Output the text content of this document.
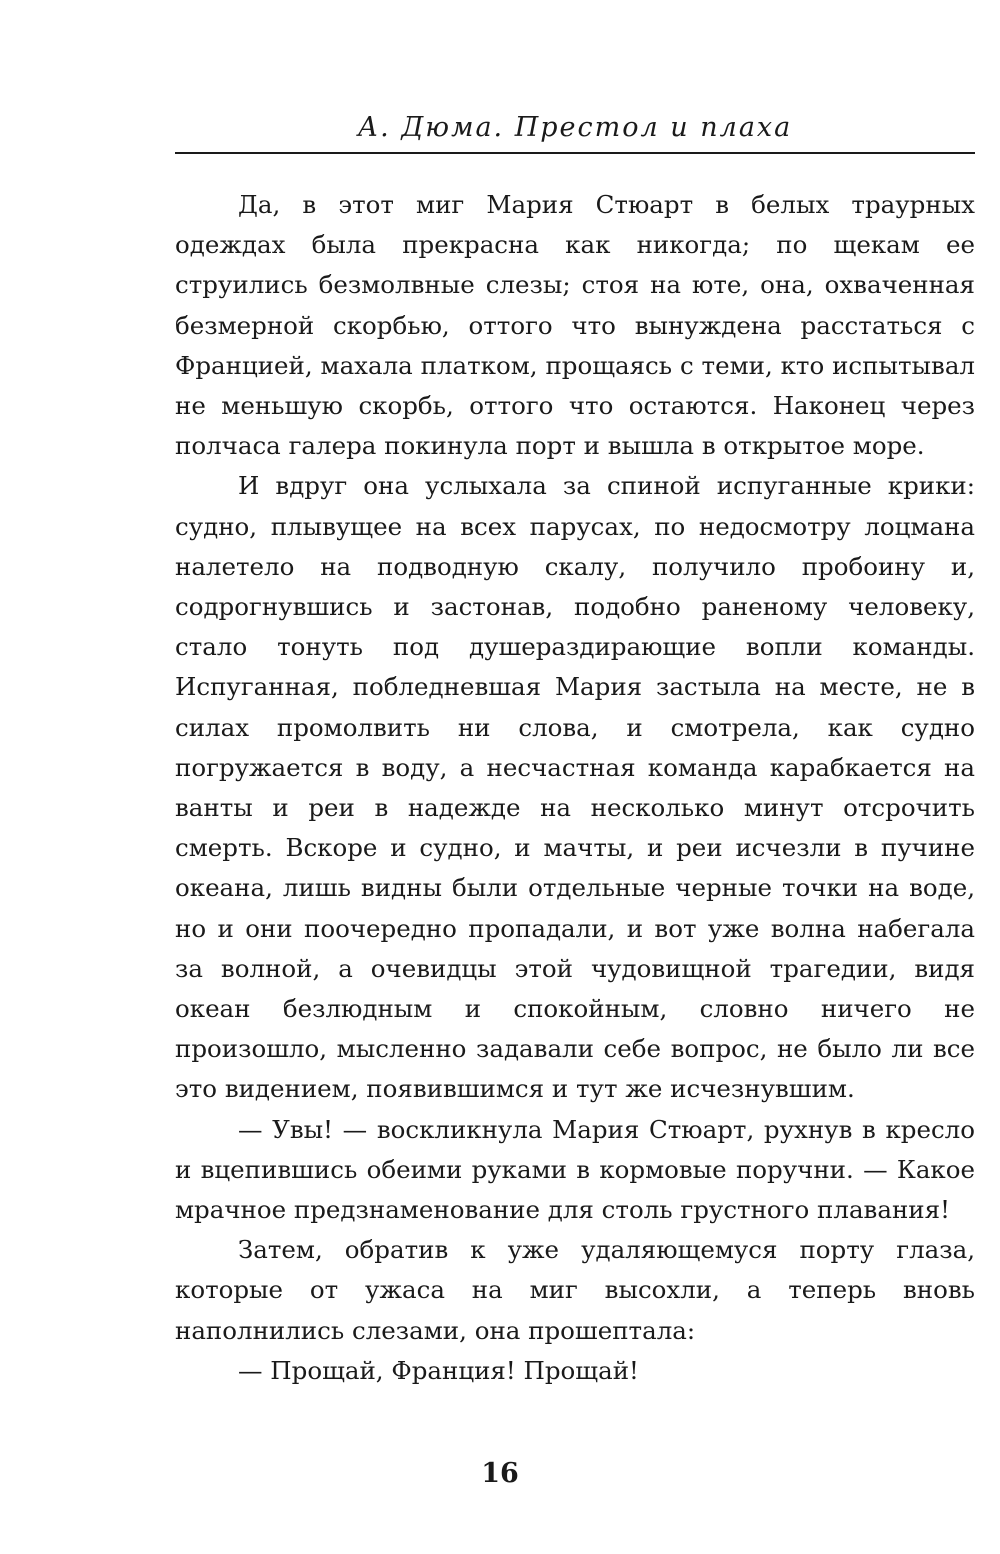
А. Дюма. Престол и плаха

Да, в этот миг Мария Стюарт в белых траурных одеждах была прекрасна как никогда; по щекам ее струились безмолвные слезы; стоя на юте, она, охваченная безмерной скорбью, оттого что вынуждена расстаться с Францией, махала платком, прощаясь с теми, кто испытывал не меньшую скорбь, оттого что остаются. Наконец через полчаса галера покинула порт и вышла в открытое море.

И вдруг она услыхала за спиной испуганные крики: судно, плывущее на всех парусах, по недосмотру лоцмана налетело на подводную скалу, получило пробоину и, содрогнувшись и застонав, подобно раненому человеку, стало тонуть под душераздирающие вопли команды. Испуганная, побледневшая Мария застыла на месте, не в силах промолвить ни слова, и смотрела, как судно погружается в воду, а несчастная команда карабкается на ванты и реи в надежде на несколько минут отсрочить смерть. Вскоре и судно, и мачты, и реи исчезли в пучине океана, лишь видны были отдельные черные точки на воде, но и они поочередно пропадали, и вот уже волна набегала за волной, а очевидцы этой чудовищной трагедии, видя океан безлюдным и спокойным, словно ничего не произошло, мысленно задавали себе вопрос, не было ли все это видением, появившимся и тут же исчезнувшим.

— Увы! — воскликнула Мария Стюарт, рухнув в кресло и вцепившись обеими руками в кормовые поручни. — Какое мрачное предзнаменование для столь грустного плавания!

Затем, обратив к уже удаляющемуся порту глаза, которые от ужаса на миг высохли, а теперь вновь наполнились слезами, она прошептала:

— Прощай, Франция! Прощай!

16
